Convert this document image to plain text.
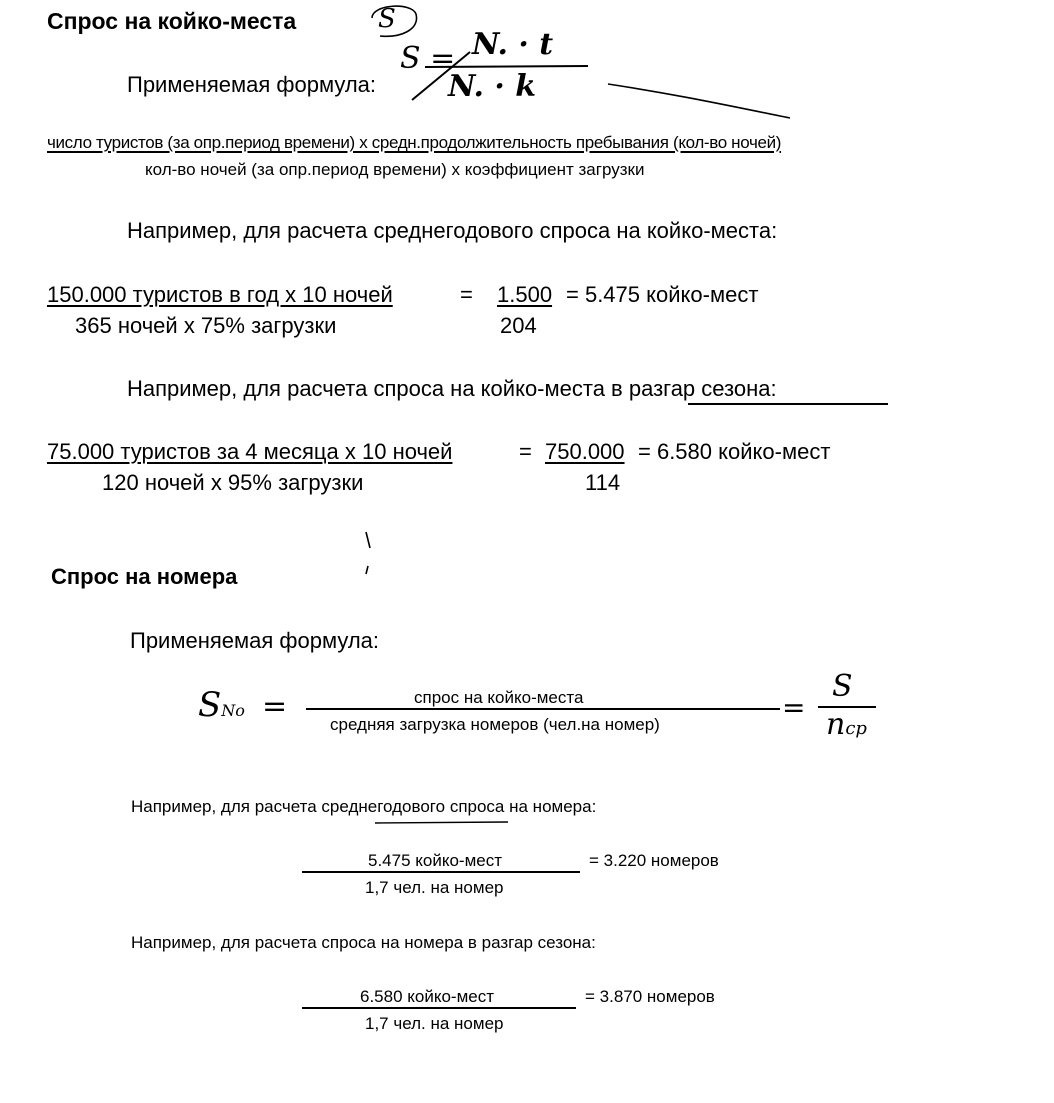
Спрос на койко-места	S
S = N. · t
N. · k
Применяемая формула:
число туристов (за опр.период времени) х средн.продолжительность пребывания (кол-во ночей)
кол-во ночей (за опр.период времени) х коэффициент загрузки
Например, для расчета среднегодового спроса на койко-места:
150.000 туристов в год х 10 ночей	= 1.500 = 5.475 койко-мест
365 ночей х 75% загрузки	204
Например, для расчета спроса на койко-места в разгар сезона:
75.000 туристов за 4 месяца х 10 ночей	= 750.000 = 6.580 койко-мест
120 ночей х 95% загрузки	114
Спрос на номера
Применяемая формула:
SNo =	спрос на койко-места
средняя загрузка номеров (чел.на номер)
=
S
nср
Например, для расчета среднегодового спроса на номера:
5.475 койко-мест	= 3.220 номеров
1,7 чел. на номер
Например, для расчета спроса на номера в разгар сезона:
6.580 койко-мест	= 3.870 номеров
1,7 чел. на номер
